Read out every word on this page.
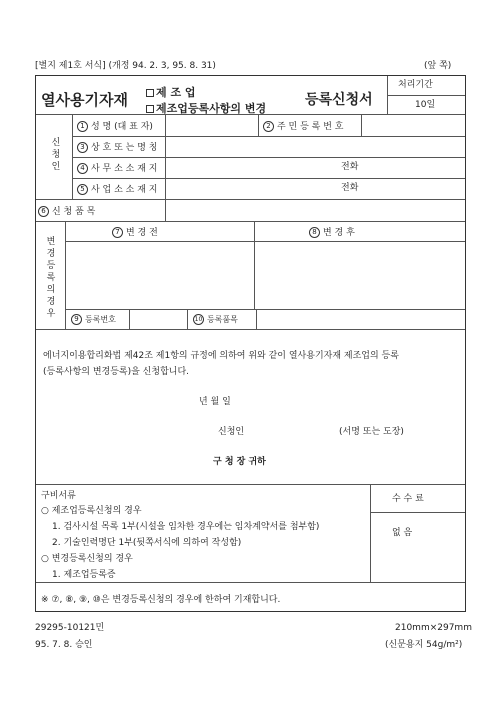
[별지 제1호 서식] (개정 94. 2. 3, 95. 8. 31)	(앞 쪽)
열사용기자재	제 조 업
제조업등록사항의 변경
등록신청서
처리기간
10일
신청인
1 성 명 (대 표 자)	2 주 민 등 록 번 호
3 상 호 또 는 명 칭
4 사 무 소 소 재 지	전화
5 사 업 소 소 재 지	전화
6 신 청 품 목
변경등록의경우
7 변 경 전	8 변 경 후
9 등록번호	10 등록품목
에너지이용합리화법 제42조 제1항의 규정에 의하여 위와 같이 열사용기자재 제조업의 등록
(등록사항의 변경등록)을 신청합니다.
년 월 일
신청인	(서명 또는 도장)
구 청 장 귀하
구비서류
○ 제조업등록신청의 경우
1. 검사시설 목록 1부(시설을 임차한 경우에는 임차계약서를 첨부함)
2. 기술인력명단 1부(뒷쪽서식에 의하여 작성함)
○ 변경등록신청의 경우
1. 제조업등록증
수 수 료
없 음
※ ⑦, ⑧, ⑨, ⑩은 변경등록신청의 경우에 한하여 기재합니다.
29295-10121민
95. 7. 8. 승인
210mm×297mm
(신문용지 54g/m²)
